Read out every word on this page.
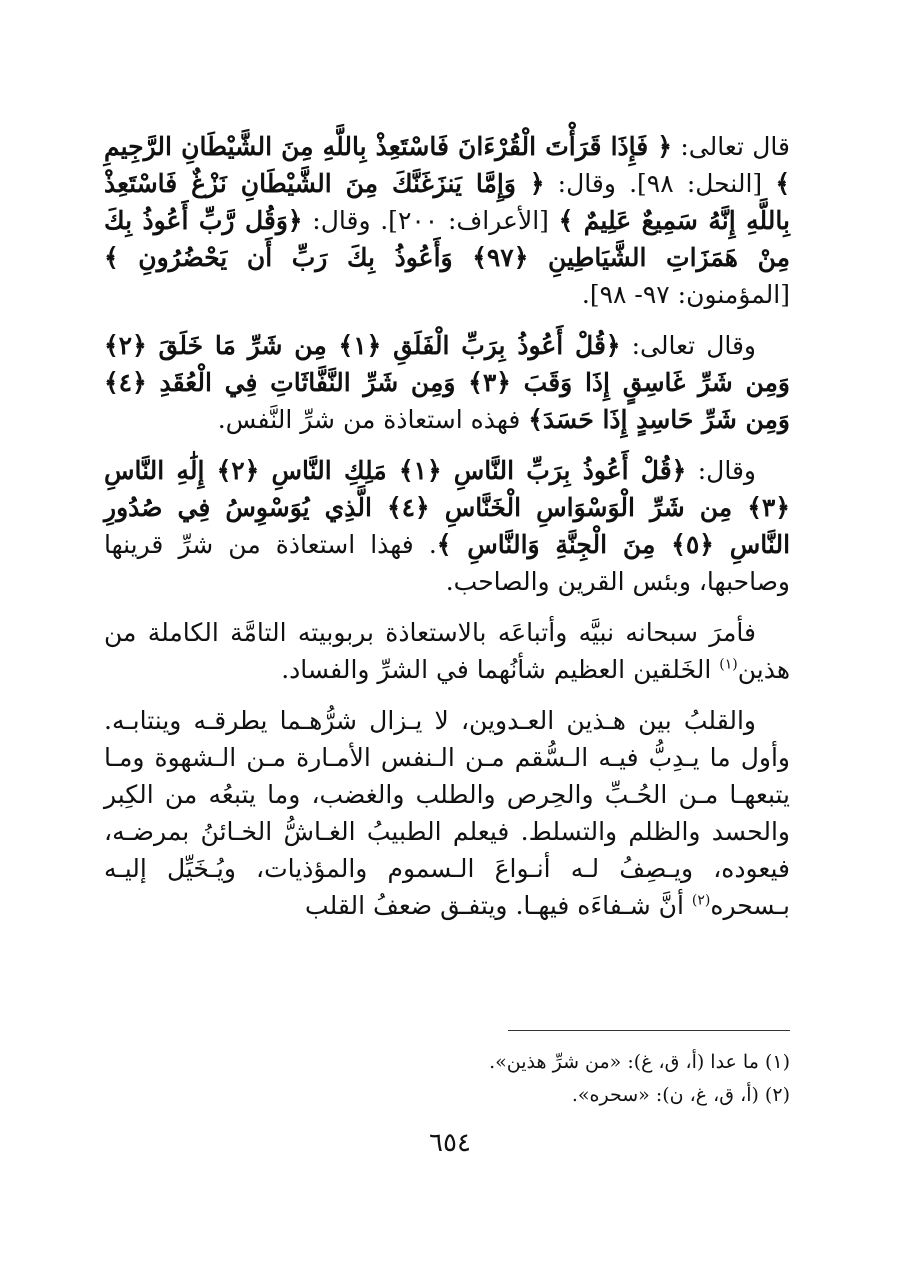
قال تعالى: ﴿ فَإِذَا قَرَأْتَ الْقُرْءَانَ فَاسْتَعِذْ بِاللَّهِ مِنَ الشَّيْطَانِ الرَّجِيمِ ﴾ [النحل: ٩٨]. وقال: ﴿ وَإِمَّا يَنزَغَنَّكَ مِنَ الشَّيْطَانِ نَزْغٌ فَاسْتَعِذْ بِاللَّهِ إِنَّهُ سَمِيعٌ عَلِيمٌ ﴾ [الأعراف: ٢٠٠]. وقال: ﴿وَقُل رَّبِّ أَعُوذُ بِكَ مِنْ هَمَزَاتِ الشَّيَاطِينِ ﴿٩٧﴾ وَأَعُوذُ بِكَ رَبِّ أَن يَحْضُرُونِ ﴾ [المؤمنون: ٩٧- ٩٨].

وقال تعالى: ﴿قُلْ أَعُوذُ بِرَبِّ الْفَلَقِ ﴿١﴾ مِن شَرِّ مَا خَلَقَ ﴿٢﴾ وَمِن شَرِّ غَاسِقٍ إِذَا وَقَبَ ﴿٣﴾ وَمِن شَرِّ النَّفَّاثَاتِ فِي الْعُقَدِ ﴿٤﴾ وَمِن شَرِّ حَاسِدٍ إِذَا حَسَدَ﴾ فهذه استعاذة من شرِّ النَّفس.

وقال: ﴿قُلْ أَعُوذُ بِرَبِّ النَّاسِ ﴿١﴾ مَلِكِ النَّاسِ ﴿٢﴾ إِلَٰهِ النَّاسِ ﴿٣﴾ مِن شَرِّ الْوَسْوَاسِ الْخَنَّاسِ ﴿٤﴾ الَّذِي يُوَسْوِسُ فِي صُدُورِ النَّاسِ ﴿٥﴾ مِنَ الْجِنَّةِ وَالنَّاسِ ﴾. فهذا استعاذة من شرِّ قرينها وصاحبها، وبئس القرين والصاحب.

فأمرَ سبحانه نبيَّه وأتباعَه بالاستعاذة بربوبيته التامَّة الكاملة من هذين$^{(١)}$ الخَلقين العظيم شأنُهما في الشرِّ والفساد.

والقلبُ بين هـذين العـدوين، لا يـزال شرُّهـما يطرقـه وينتابـه. وأول ما يـدِبُّ فيـه الـسُّقم مـن الـنفس الأمـارة مـن الـشهوة ومـا يتبعهـا مـن الحُـبِّ والحِرص والطلب والغضب، وما يتبعُه من الكِبر والحسد والظلم والتسلط. فيعلم الطبيبُ الغـاشُّ الخـائنُ بمرضـه، فيعوده، ويـصِفُ لـه أنـواعَ الـسموم والمؤذيات، ويُـخَيِّل إليـه بـسحره$^{(٢)}$ أنَّ شـفاءَه فيهـا. ويتفـق ضعفُ القلب

(١) ما عدا (أ، ق، غ): «من شرِّ هذين».
(٢) (أ، ق، غ، ن): «سحره».
٦٥٤
